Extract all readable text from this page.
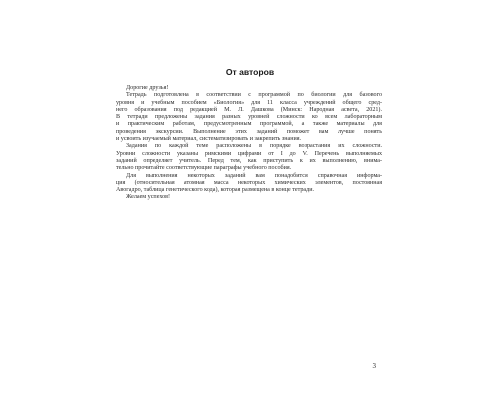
От авторов
Дорогие друзья!
Тетрадь подготовлена в соответствии с программой по биологии для базового
уровня и учебным пособием «Биология» для 11 класса учреждений общего сред-
него образования под редакцией М. Л. Дашкова (Минск: Народная асвета, 2021).
В тетради предложены задания разных уровней сложности ко всем лабораторным
и практическим работам, предусмотренным программой, а также материалы для
проведения экскурсии. Выполнение этих заданий поможет вам лучше понять
и усвоить изучаемый материал, систематизировать и закрепить знания.
Задания по каждой теме расположены в порядке возрастания их сложности.
Уровни сложности указаны римскими цифрами от I до V. Перечень выполняемых
заданий определяет учитель. Перед тем, как приступить к их выполнению, внима-
тельно прочитайте соответствующие параграфы учебного пособия.
Для выполнения некоторых заданий вам понадобится справочная информа-
ция (относительная атомная масса некоторых химических элементов, постоянная
Авогадро, таблица генетического кода), которая размещена в конце тетради.
Желаем успехов!
3
